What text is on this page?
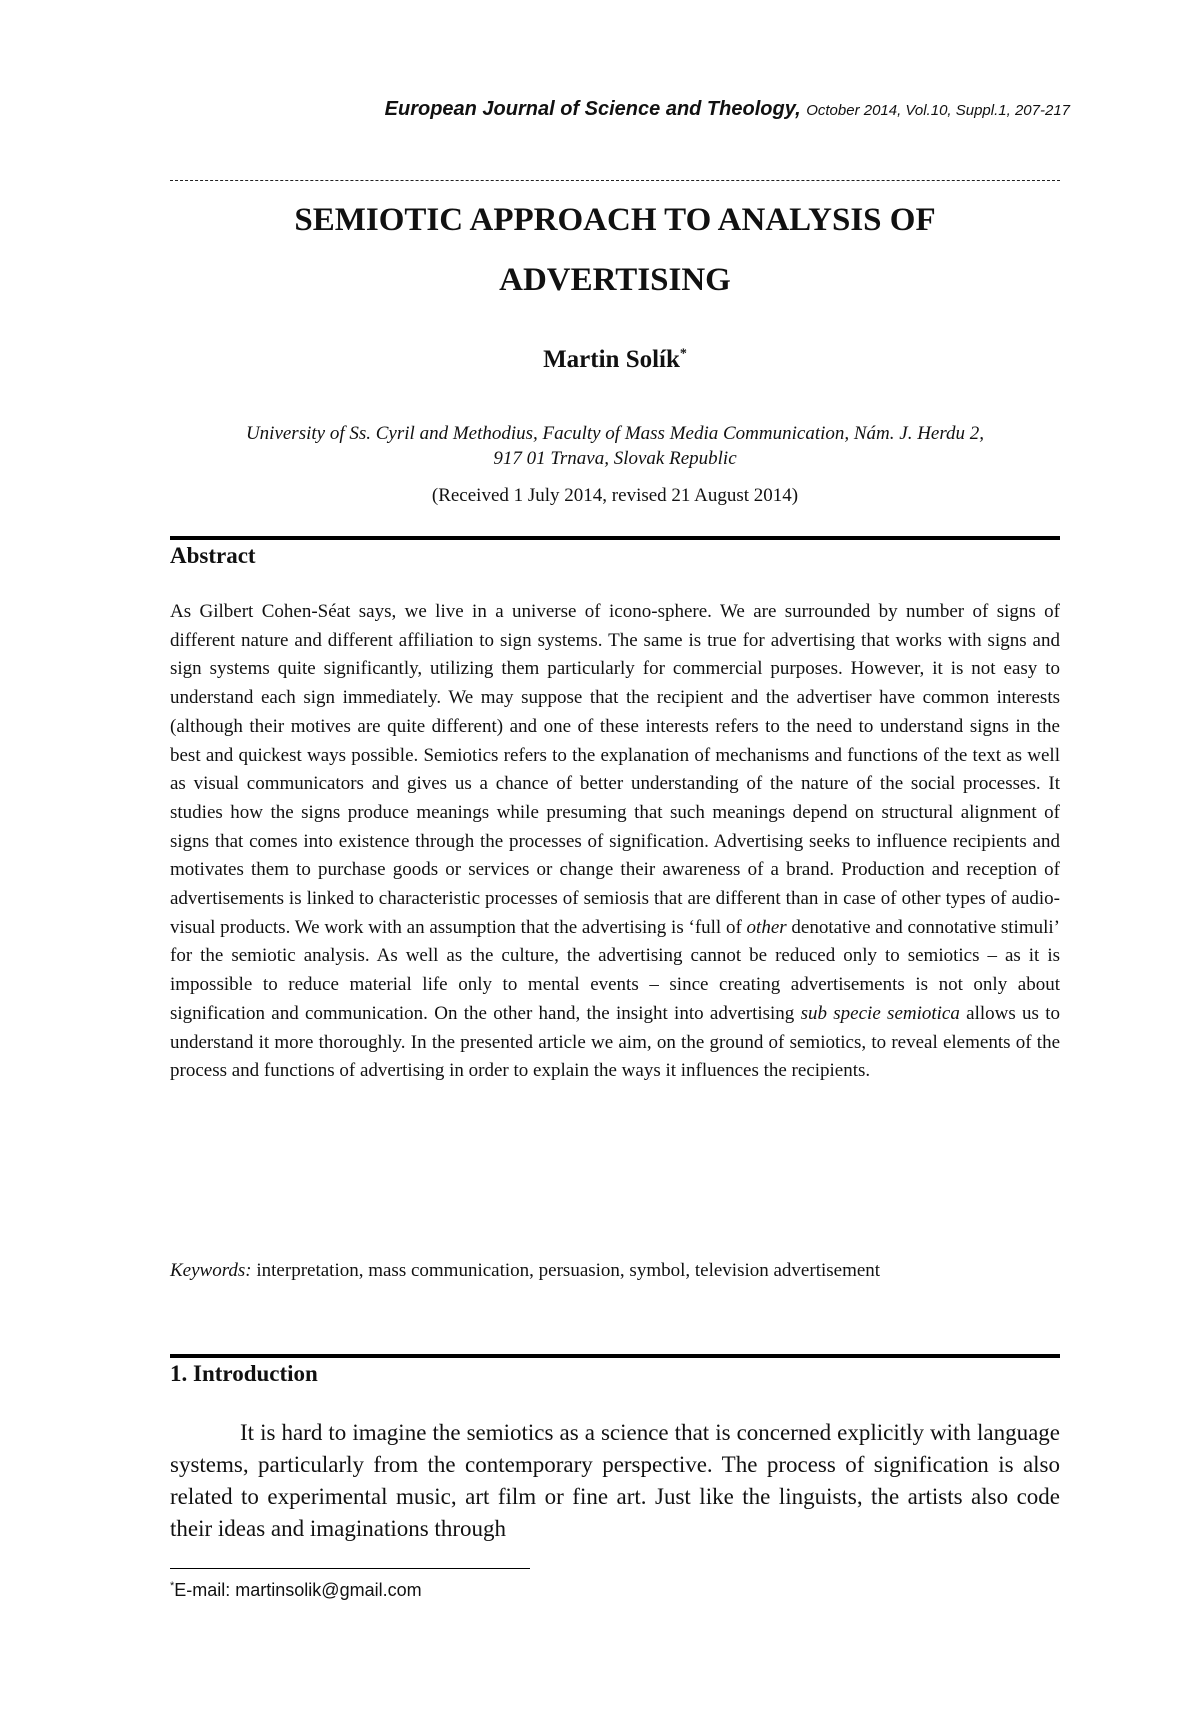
European Journal of Science and Theology, October 2014, Vol.10, Suppl.1, 207-217
SEMIOTIC APPROACH TO ANALYSIS OF
ADVERTISING
Martin Solík*
University of Ss. Cyril and Methodius, Faculty of Mass Media Communication, Nám. J. Herdu 2,
917 01 Trnava, Slovak Republic
(Received 1 July 2014, revised 21 August 2014)
Abstract

As Gilbert Cohen-Séat says, we live in a universe of icono-sphere. We are surrounded by number of signs of different nature and different affiliation to sign systems. The same is true for advertising that works with signs and sign systems quite significantly, utilizing them particularly for commercial purposes. However, it is not easy to understand each sign immediately. We may suppose that the recipient and the advertiser have common interests (although their motives are quite different) and one of these interests refers to the need to understand signs in the best and quickest ways possible. Semiotics refers to the explanation of mechanisms and functions of the text as well as visual communicators and gives us a chance of better understanding of the nature of the social processes. It studies how the signs produce meanings while presuming that such meanings depend on structural alignment of signs that comes into existence through the processes of signification. Advertising seeks to influence recipients and motivates them to purchase goods or services or change their awareness of a brand. Production and reception of advertisements is linked to characteristic processes of semiosis that are different than in case of other types of audio-visual products. We work with an assumption that the advertising is ‘full of other denotative and connotative stimuli’ for the semiotic analysis. As well as the culture, the advertising cannot be reduced only to semiotics – as it is impossible to reduce material life only to mental events – since creating advertisements is not only about signification and communication. On the other hand, the insight into advertising sub specie semiotica allows us to understand it more thoroughly. In the presented article we aim, on the ground of semiotics, to reveal elements of the process and functions of advertising in order to explain the ways it influences the recipients.

Keywords: interpretation, mass communication, persuasion, symbol, television advertisement

1. Introduction

It is hard to imagine the semiotics as a science that is concerned explicitly with language systems, particularly from the contemporary perspective. The process of signification is also related to experimental music, art film or fine art. Just like the linguists, the artists also code their ideas and imaginations through

*E-mail: martinsolik@gmail.com
